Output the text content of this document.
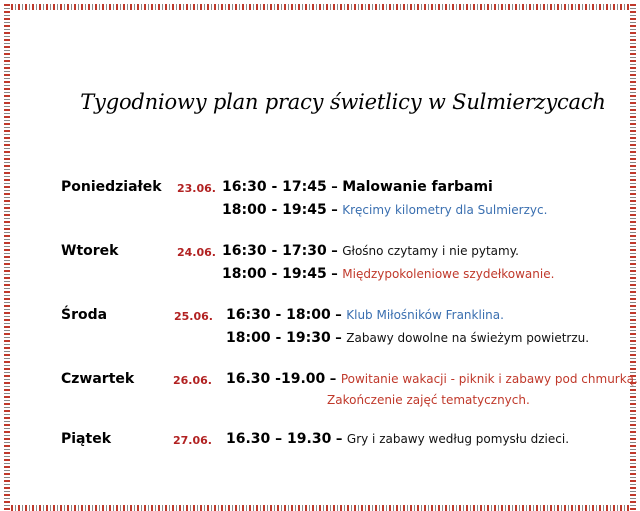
Tygodniowy plan pracy świetlicy w Sulmierzycach
Poniedziałek 23.06. 16:30 - 17:45 – Malowanie farbami
18:00 - 19:45 – Kręcimy kilometry dla Sulmierzyc.
Wtorek	24.06. 16:30 - 17:30 – Głośno czytamy i nie pytamy.
18:00 - 19:45 – Międzypokoleniowe szydełkowanie.
Środa	25.06. 16:30 - 18:00 – Klub Miłośników Franklina.
18:00 - 19:30 – Zabawy dowolne na świeżym powietrzu.
Czwartek	26.06. 16.30 -19.00 – Powitanie wakacji - piknik i zabawy pod chmurką.
Zakończenie zajęć tematycznych.
Piątek	27.06. 16.30 – 19.30 – Gry i zabawy według pomysłu dzieci.
